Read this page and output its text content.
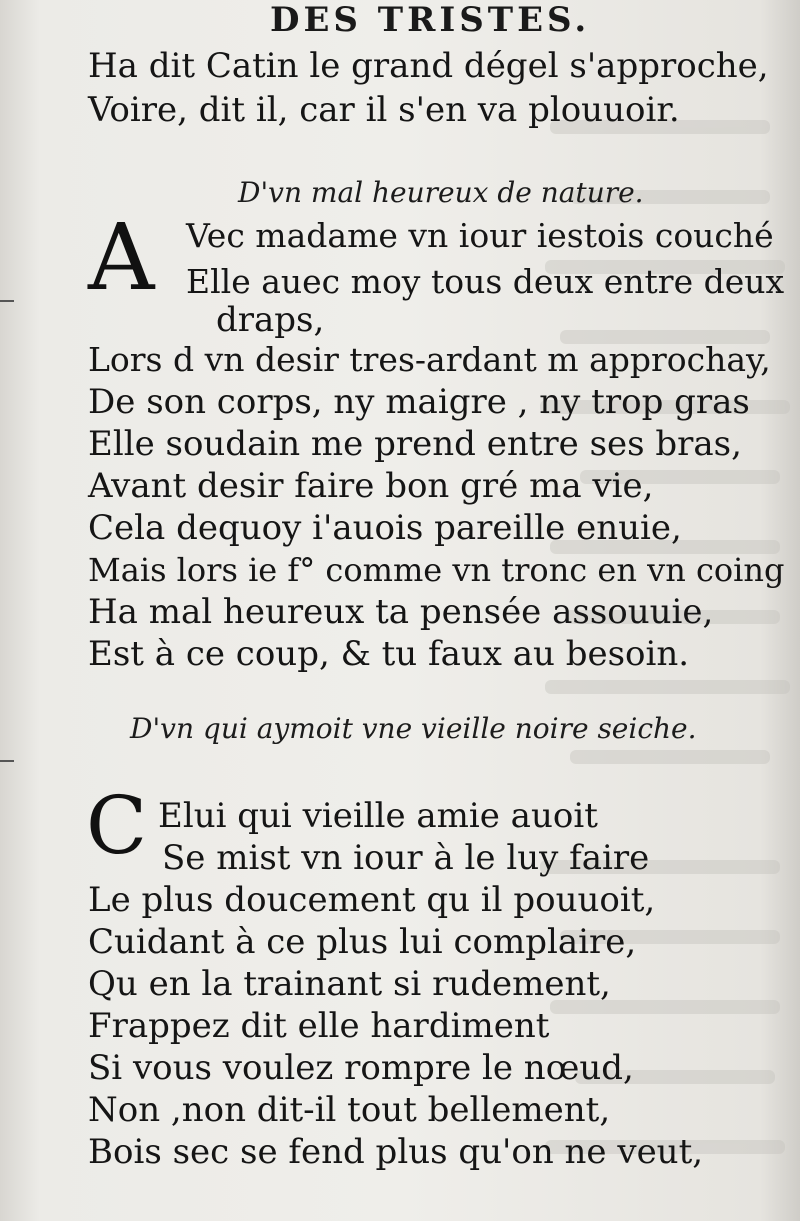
DES TRISTES.
Ha dit Catin le grand dégel s'approche,
Voire, dit il, car il s'en va plouuoir.
D'vn mal heureux de nature.
A Vec madame vn iour iestois couché
Elle auec moy tous deux entre deux
draps,
Lors d vn desir tres-ardant m approchay,
De son corps, ny maigre , ny trop gras
Elle soudain me prend entre ses bras,
Avant desir faire bon gré ma vie,
Cela dequoy i'auois pareille enuie,
Mais lors ie f° comme vn tronc en vn coing
Ha mal heureux ta pensée assouuie,
Est à ce coup, & tu faux au besoin.
D'vn qui aymoit vne vieille noire seiche.
C Elui qui vieille amie auoit
Se mist vn iour à le luy faire
Le plus doucement qu il pouuoit,
Cuidant à ce plus lui complaire,
Qu en la trainant si rudement,
Frappez dit elle hardiment
Si vous voulez rompre le nœud,
Non ,non dit-il tout bellement,
Bois sec se fend plus qu'on ne veut,
